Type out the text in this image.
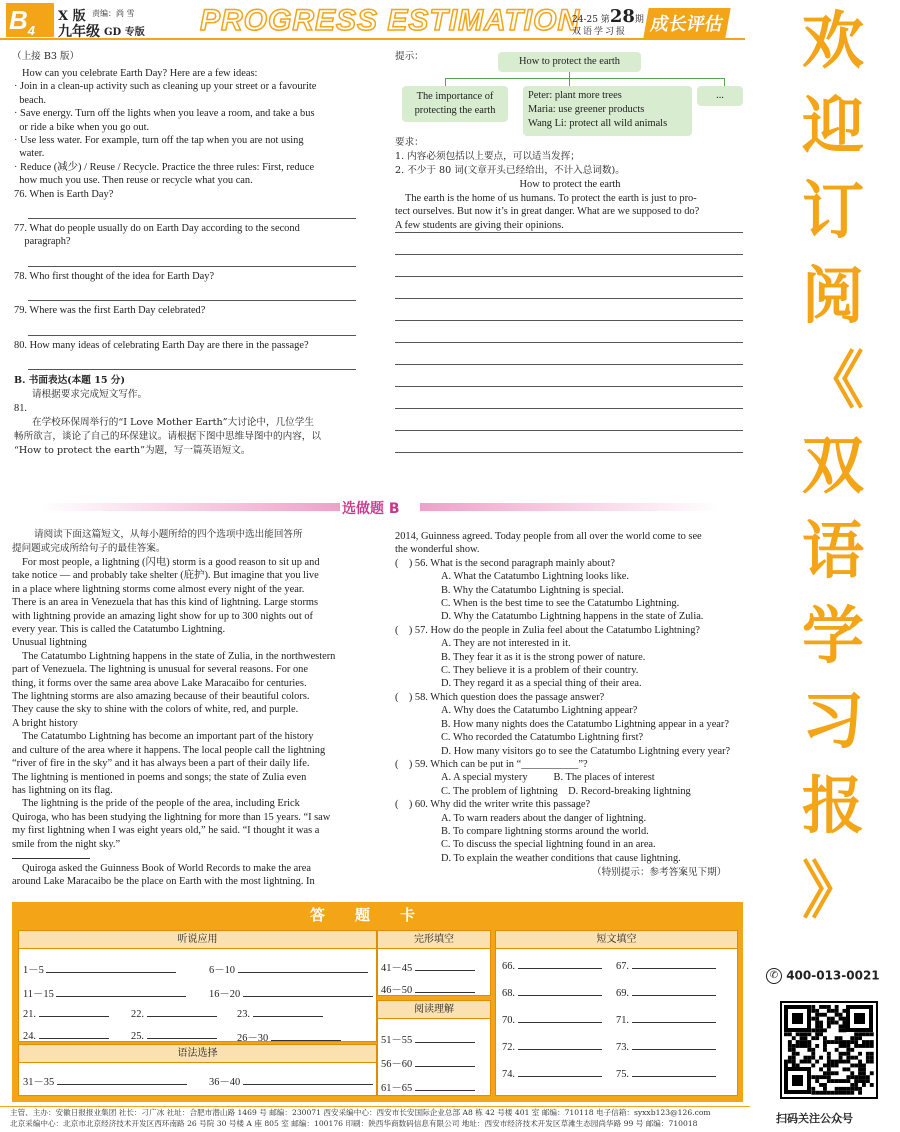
$B_4$
X 版 责编：尚 雪
九年级 GD 专版 PROGRESS ESTIMATION
24-25 第28期
双语学习报	成长评估
（上接 B3 版）
How can you celebrate Earth Day? Here are a few ideas:
· Join in a clean-up activity such as cleaning up your street or a favourite
beach.
· Save energy. Turn off the lights when you leave a room, and take a bus
or ride a bike when you go out.
· Use less water. For example, turn off the tap when you are not using
water.
· Reduce (减少) / Reuse / Recycle. Practice the three rules: First, reduce
how much you use. Then reuse or recycle what you can.
76. When is Earth Day?
77. What do people usually do on Earth Day according to the second
paragraph?
78. Who first thought of the idea for Earth Day?
79. Where was the first Earth Day celebrated?
80. How many ideas of celebrating Earth Day are there in the passage?
B. 书面表达(本题 15 分)
请根据要求完成短文写作。
81.
在学校环保周举行的“I Love Mother Earth”大讨论中，几位学生
畅所欲言，谈论了自己的环保建议。请根据下图中思维导图中的内容，以
“How to protect the earth”为题，写一篇英语短文。
提示：	How to protect the earth
The importance of
protecting the earth
Peter: plant more trees
Maria: use greener products
Wang Li: protect all wild animals
...
要求：
1. 内容必须包括以上要点，可以适当发挥；
2. 不少于 80 词(文章开头已经给出，不计入总词数)。
How to protect the earth
The earth is the home of us humans. To protect the earth is just to pro-
tect ourselves. But now it’s in great danger. What are we supposed to do?
A few students are giving their opinions.
选做题 B
请阅读下面这篇短文，从每小题所给的四个选项中选出能回答所
提问题或完成所给句子的最佳答案。
For most people, a lightning (闪电) storm is a good reason to sit up and
take notice — and probably take shelter (庇护). But imagine that you live
in a place where lightning storms come almost every night of the year.
There is an area in Venezuela that has this kind of lightning. Large storms
with lightning provide an amazing light show for up to 300 nights out of
every year. This is called the Catatumbo Lightning.
Unusual lightning
The Catatumbo Lightning happens in the state of Zulia, in the northwestern
part of Venezuela. The lightning is unusual for several reasons. For one
thing, it forms over the same area above Lake Maracaibo for centuries.
The lightning storms are also amazing because of their beautiful colors.
They cause the sky to shine with the colors of white, red, and purple.
A bright history
The Catatumbo Lightning has become an important part of the history
and culture of the area where it happens. The local people call the lightning
“river of fire in the sky” and it has always been a part of their daily life.
The lightning is mentioned in poems and songs; the state of Zulia even
has lightning on its flag.
The lightning is the pride of the people of the area, including Erick
Quiroga, who has been studying the lightning for more than 15 years. “I saw
my first lightning when I was eight years old,” he said. “I thought it was a
smile from the night sky.”
Quiroga asked the Guinness Book of World Records to make the area
around Lake Maracaibo be the place on Earth with the most lightning. In
2014, Guinness agreed. Today people from all over the world come to see
the wonderful show.
(    ) 56. What is the second paragraph mainly about?
A. What the Catatumbo Lightning looks like.
B. Why the Catatumbo Lightning is special.
C. When is the best time to see the Catatumbo Lightning.
D. Why the Catatumbo Lightning happens in the state of Zulia.
(    ) 57. How do the people in Zulia feel about the Catatumbo Lightning?
A. They are not interested in it.
B. They fear it as it is the strong power of nature.
C. They believe it is a problem of their country.
D. They regard it as a special thing of their area.
(    ) 58. Which question does the passage answer?
A. Why does the Catatumbo Lightning appear?
B. How many nights does the Catatumbo Lightning appear in a year?
C. Who recorded the Catatumbo Lightning first?
D. How many visitors go to see the Catatumbo Lightning every year?
(    ) 59. Which can be put in “___________”?
A. A special mystery          B. The places of interest
C. The problem of lightning    D. Record-breaking lightning
(    ) 60. Why did the writer write this passage?
A. To warn readers about the danger of lightning.
B. To compare lightning storms around the world.
C. To discuss the special lightning found in an area.
D. To explain the weather conditions that cause lightning.
（特别提示：参考答案见下期）
答题卡
听说应用
1－5	6－10
11－15	16－20
21.	22.	23.
24.	25.	26－30
语法选择
31－35	36－40
完形填空
41－45
46－50
阅读理解
51－55
56－60
61－65
短文填空
66.	67.
68.	69.
70.	71.
72.	73.
74.	75.
欢
迎
订
阅
《
双
语
学
习
报
》
✆ 400-013-0021
扫码关注公众号
主管、主办：安徽日报报业集团 社长：刁广冰 社址：合肥市潜山路 1469 号 邮编：230071 西安采编中心：西安市长安国际企业总部 A8 栋 42 号楼 401 室 邮编：710118 电子信箱：syxxb123@126.com
北京采编中心：北京市北京经济技术开发区西环南路 26 号院 30 号楼 A 座 805 室 邮编：100176 印刷：陕西华商数码信息有限公司 地址：西安市经济技术开发区草滩生态园尚华路 99 号 邮编：710018
